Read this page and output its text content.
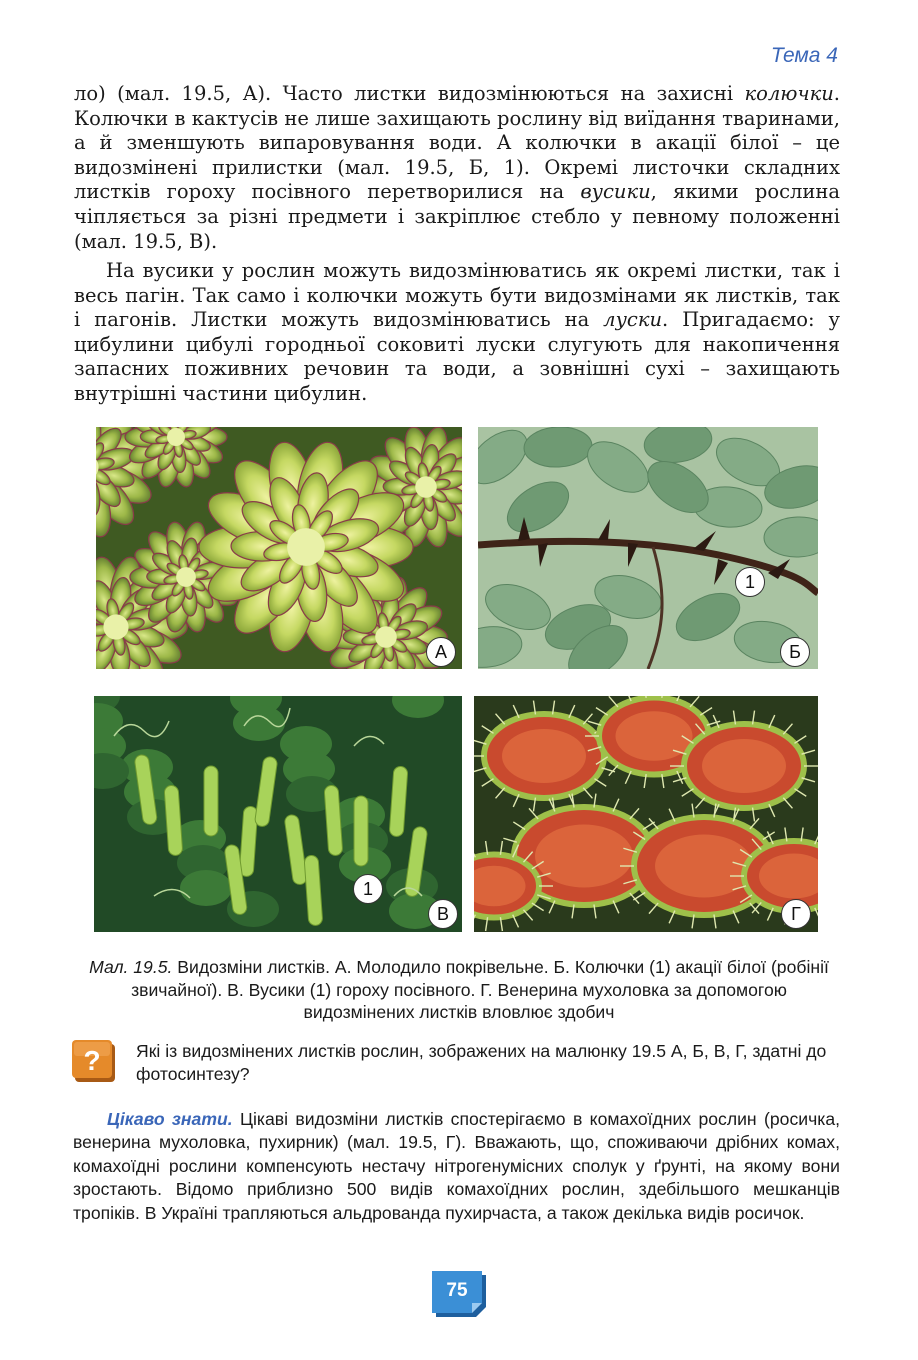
Тема 4
ло) (мал. 19.5, А). Часто листки видозмінюються на захисні колючки. Колючки в кактусів не лише захищають рослину від виїдання тваринами, а й зменшують випаровування води. А колючки в акації білої – це видозмінені прилистки (мал. 19.5, Б, 1). Окремі листочки складних листків гороху посівного перетворилися на вусики, якими рослина чіпляється за різні предмети і закріплює стебло у певному положенні (мал. 19.5, В).
На вусики у рослин можуть видозмінюватись як окремі листки, так і весь пагін. Так само і колючки можуть бути видозмінами як листків, так і пагонів. Листки можуть видозмінюватись на луски. Пригадаємо: у цибулини цибулі городньої соковиті луски слугують для накопичення запасних поживних речовин та води, а зовнішні сухі – захищають внутрішні частини цибулин.
А
1
Б
1
В	Г
Мал. 19.5. Видозміни листків. А. Молодило покрівельне. Б. Колючки (1) акації білої (робінії звичайної). В. Вусики (1) гороху посівного. Г. Венерина мухоловка за допомогою видозмінених листків вловлює здобич
? Які із видозмінених листків рослин, зображених на малюнку 19.5 А, Б, В, Г, здатні до фотосинтезу?
Цікаво знати. Цікаві видозміни листків спостерігаємо в комахоїдних рослин (росичка, венерина мухоловка, пухирник) (мал. 19.5, Г). Вважають, що, споживаючи дрібних комах, комахоїдні рослини компенсують нестачу нітрогенумісних сполук у ґрунті, на якому вони зростають. Відомо приблизно 500 видів комахоїдних рослин, здебільшого мешканців тропіків. В Україні трапляються альдрованда пухирчаста, а також декілька видів росичок.
75
